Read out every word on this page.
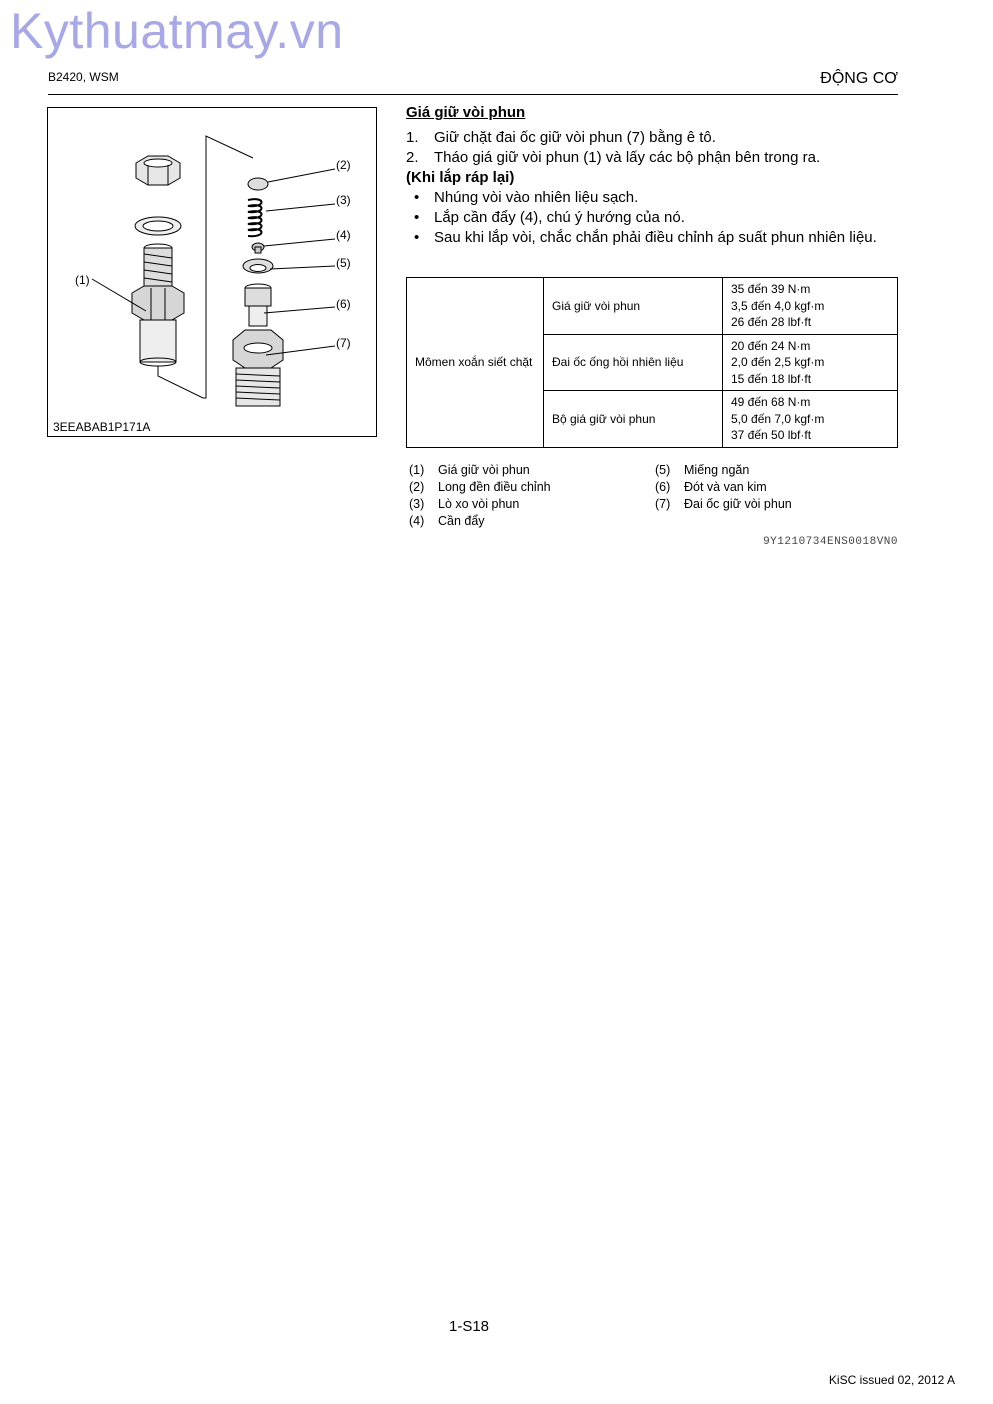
Kythuatmay.vn
B2420, WSM	ĐỘNG CƠ
(1)
(2)
(3)
(4)
(5)
(6)
(7)
3EEABAB1P171A
Giá giữ vòi phun
1. Giữ chặt đai ốc giữ vòi phun (7) bằng ê tô.
2. Tháo giá giữ vòi phun (1) và lấy các bộ phận bên trong ra.
(Khi lắp ráp lại)
• Nhúng vòi vào nhiên liệu sạch.
• Lắp cần đẩy (4), chú ý hướng của nó.
• Sau khi lắp vòi, chắc chắn phải điều chỉnh áp suất phun nhiên liệu.
Mômen xoắn siết chặt	Giá giữ vòi phun	35 đến 39 N·m
3,5 đến 4,0 kgf·m
26 đến 28 lbf·ft

	Đai ốc ống hồi nhiên liệu	20 đến 24 N·m
2,0 đến 2,5 kgf·m
15 đến 18 lbf·ft

	Bộ giá giữ vòi phun	49 đến 68 N·m
5,0 đến 7,0 kgf·m
37 đến 50 lbf·ft
(1) Giá giữ vòi phun
(2) Long đền điều chỉnh
(3) Lò xo vòi phun
(4) Cần đẩy
(5) Miếng ngăn
(6) Đót và van kim
(7) Đai ốc giữ vòi phun
9Y1210734ENS0018VN0
1-S18
KiSC issued 02, 2012 A
